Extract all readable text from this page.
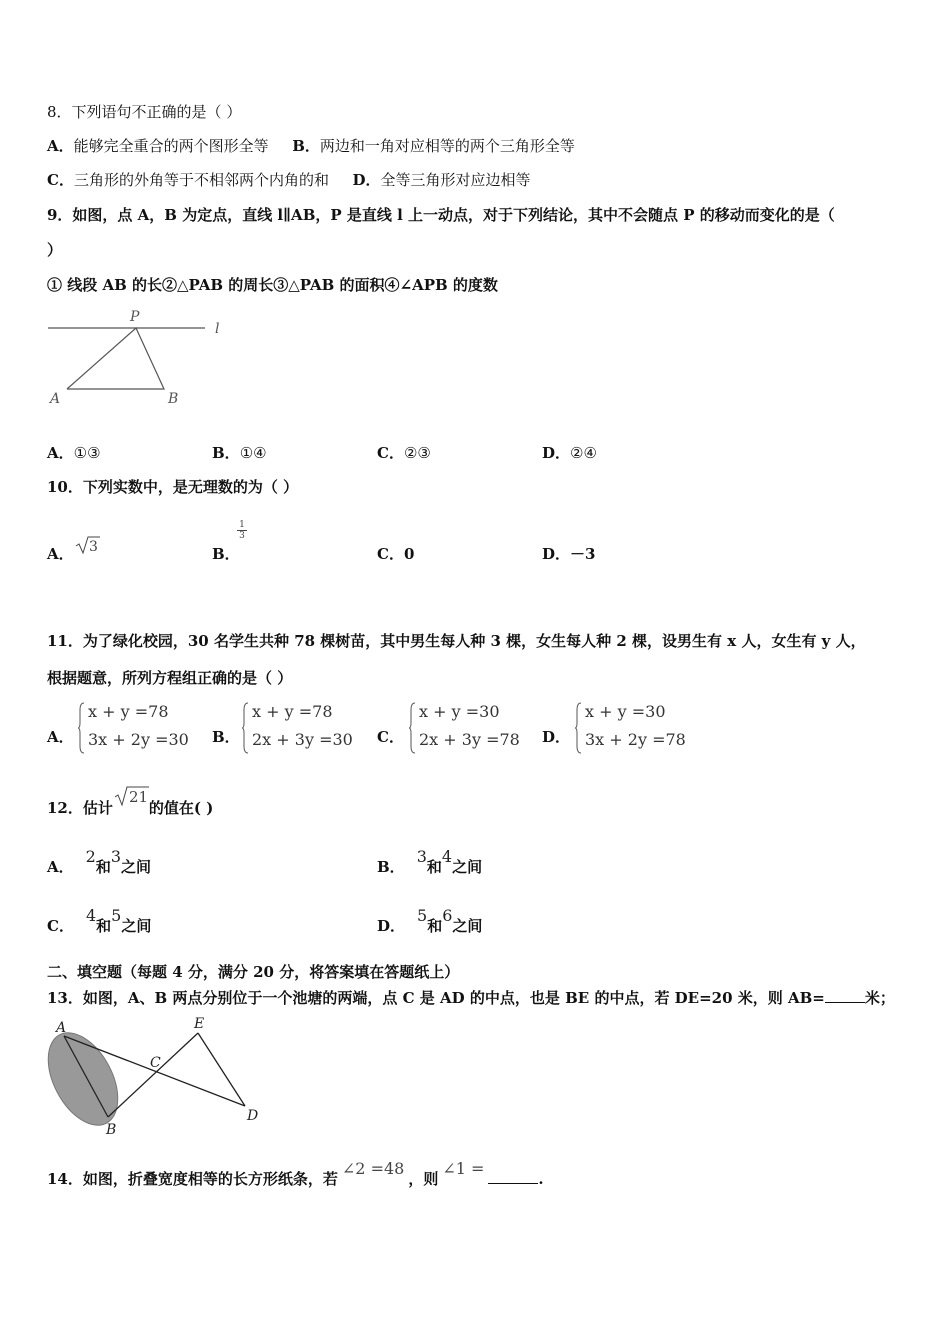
8．下列语句不正确的是（ ）
A．能够完全重合的两个图形全等 B．两边和一角对应相等的两个三角形全等
C．三角形的外角等于不相邻两个内角的和 D．全等三角形对应边相等
9．如图，点 A，B 为定点，直线 l∥AB，P 是直线 l 上一动点，对于下列结论，其中不会随点 P 的移动而变化的是（
）
① 线段 AB 的长②△PAB 的周长③△PAB 的面积④∠APB 的度数
P
l
A	B
A．①③	B．①④	C．②③	D．②④
10．下列实数中，是无理数的为（ ）
A． 3	B．
1
3
C．0	D．－3
11．为了绿化校园，30 名学生共种 78 棵树苗，其中男生每人种 3 棵，女生每人种 2 棵，设男生有 x 人，女生有 y 人，
根据题意，所列方程组正确的是（ ）
A．
x + y =78
3x + 2y =30 B．
x + y =78
2x + 3y =30 C．
x + y =30
2x + 3y =78 D．
x + y =30
3x + 2y =78
12．估计 的值在( )
21
A．2和3之间	B．3和4之间
C．4和5之间	D．5和6之间
二、填空题（每题 4 分，满分 20 分，将答案填在答题纸上）
13．如图，A、B 两点分别位于一个池塘的两端，点 C 是 AD 的中点，也是 BE 的中点，若 DE=20 米，则 AB=	米；
A
B
C
D
E
14．如图，折叠宽度相等的长方形纸条，若∠2 =48，则∠1 =.
